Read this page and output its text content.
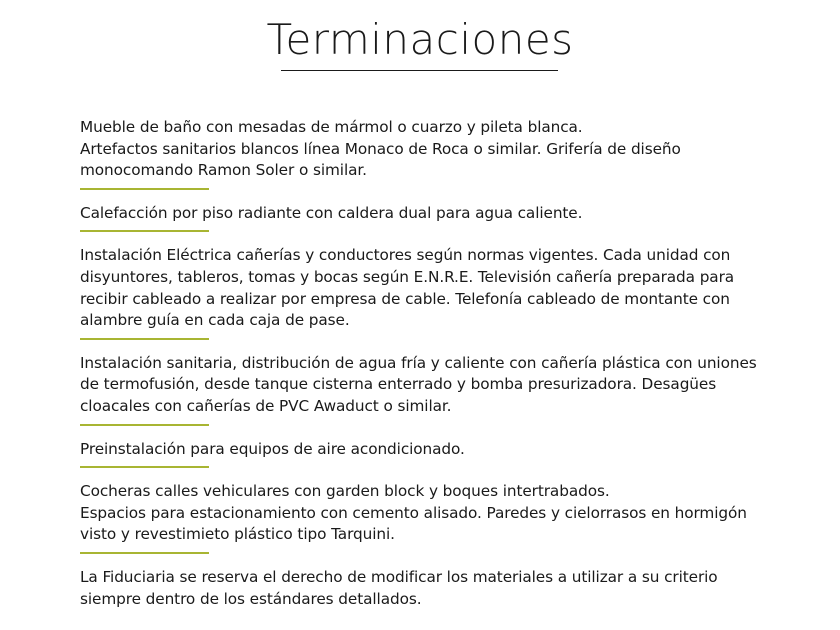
Terminaciones

Mueble de baño con mesadas de mármol o cuarzo y pileta blanca.

Artefactos sanitarios blancos línea Monaco de Roca o similar. Grifería de diseño monocomando Ramon Soler o similar.

Calefacción por piso radiante con caldera dual para agua caliente.

Instalación Eléctrica cañerías y conductores según normas vigentes. Cada unidad con disyuntores, tableros, tomas y bocas según E.N.R.E. Televisión cañería preparada para recibir cableado a realizar por empresa de cable. Telefonía cableado de montante con alambre guía en cada caja de pase.

Instalación sanitaria, distribución de agua fría y caliente con cañería plástica con uniones de termofusión, desde tanque cisterna enterrado y bomba presurizadora. Desagües cloacales con cañerías de PVC Awaduct o similar.

Preinstalación para equipos de aire acondicionado.

Cocheras calles vehiculares con garden block y boques intertrabados.

Espacios para estacionamiento con cemento alisado. Paredes y cielorrasos en hormigón visto y revestimieto plástico tipo Tarquini.

La Fiduciaria se reserva el derecho de modificar los materiales a utilizar a su criterio siempre dentro de los estándares detallados.
